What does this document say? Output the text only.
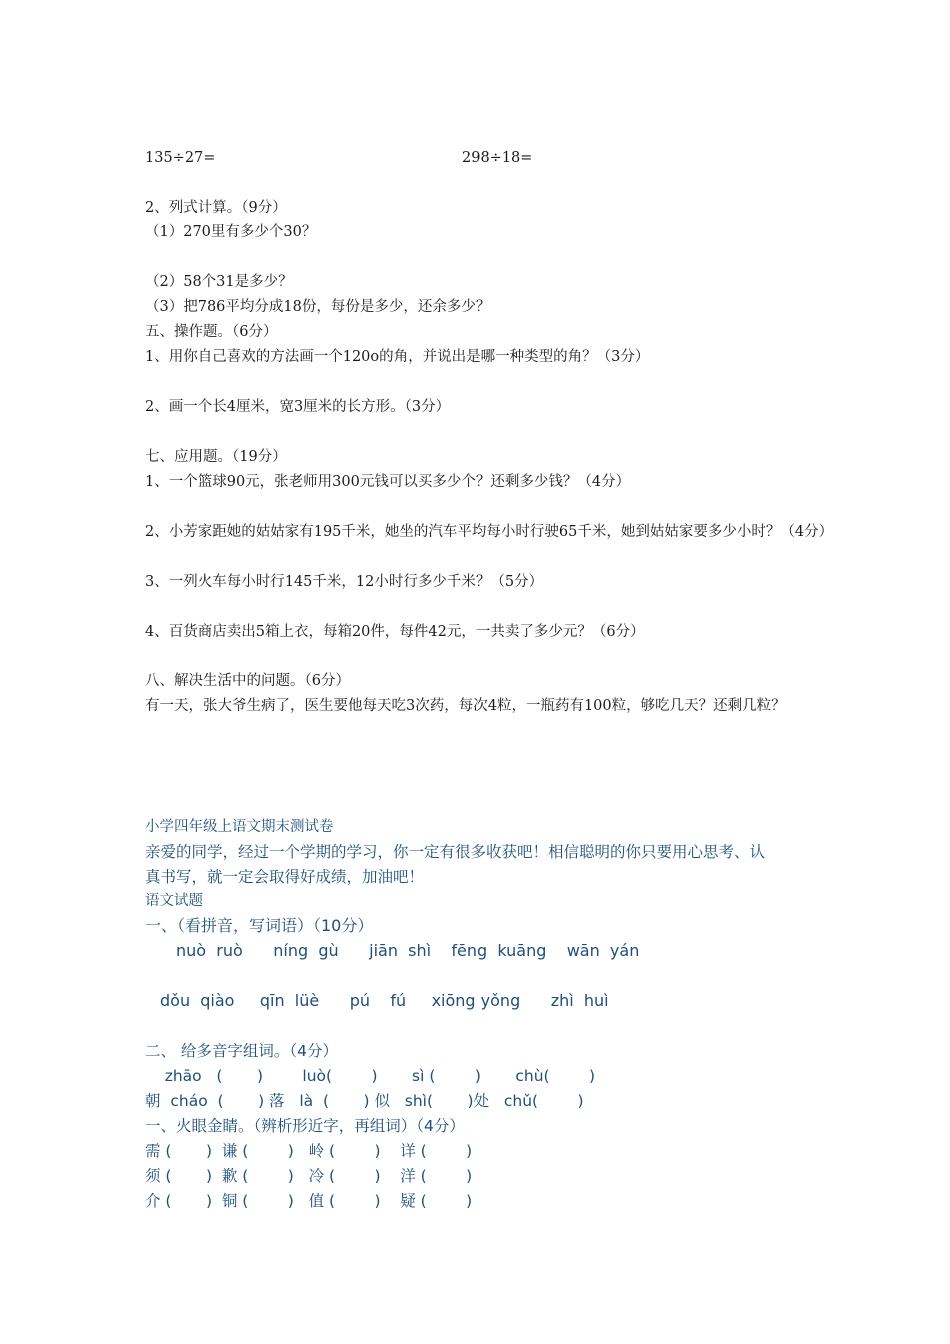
135÷27=	298÷18=
2、列式计算。（9分）
（1）270里有多少个30？
（2）58个31是多少？
（3）把786平均分成18份，每份是多少，还余多少？
五、操作题。（6分）
1、用你自己喜欢的方法画一个120o的角，并说出是哪一种类型的角？（3分）
2、画一个长4厘米，宽3厘米的长方形。（3分）
七、应用题。（19分）
1、一个篮球90元，张老师用300元钱可以买多少个？还剩多少钱？（4分）
2、小芳家距她的姑姑家有195千米，她坐的汽车平均每小时行驶65千米，她到姑姑家要多少小时？（4分）
3、一列火车每小时行145千米，12小时行多少千米？（5分）
4、百货商店卖出5箱上衣，每箱20件，每件42元，一共卖了多少元？（6分）
八、解决生活中的问题。（6分）
有一天，张大爷生病了，医生要他每天吃3次药，每次4粒，一瓶药有100粒，够吃几天？还剩几粒？
小学四年级上语文期末测试卷
亲爱的同学，经过一个学期的学习，你一定有很多收获吧！相信聪明的你只要用心思考、认
真书写，就一定会取得好成绩，加油吧！
语文试题
一、（看拼音，写词语）（10分）
nuò  ruò      níng  gù      jiān  shì    fēng  kuāng    wān  yán
dǒu  qiào     qīn  lüè      pú    fú     xiōng yǒng      zhì  huì
二、 给多音字组词。（4分）
zhāo   (       )        luò(        )       sì (        )       chù(        )
朝  cháo  (       ) 落   là  (       ) 似   shì(       )处   chǔ(        )
一、火眼金睛。（辨析形近字，再组词）（4分）
需 (       )  谦 (        )   岭 (        )    详 (        )
须 (       )  歉 (        )   冷 (        )    洋 (        )
介 (       )  铜 (        )   值 (        )    疑 (        )
